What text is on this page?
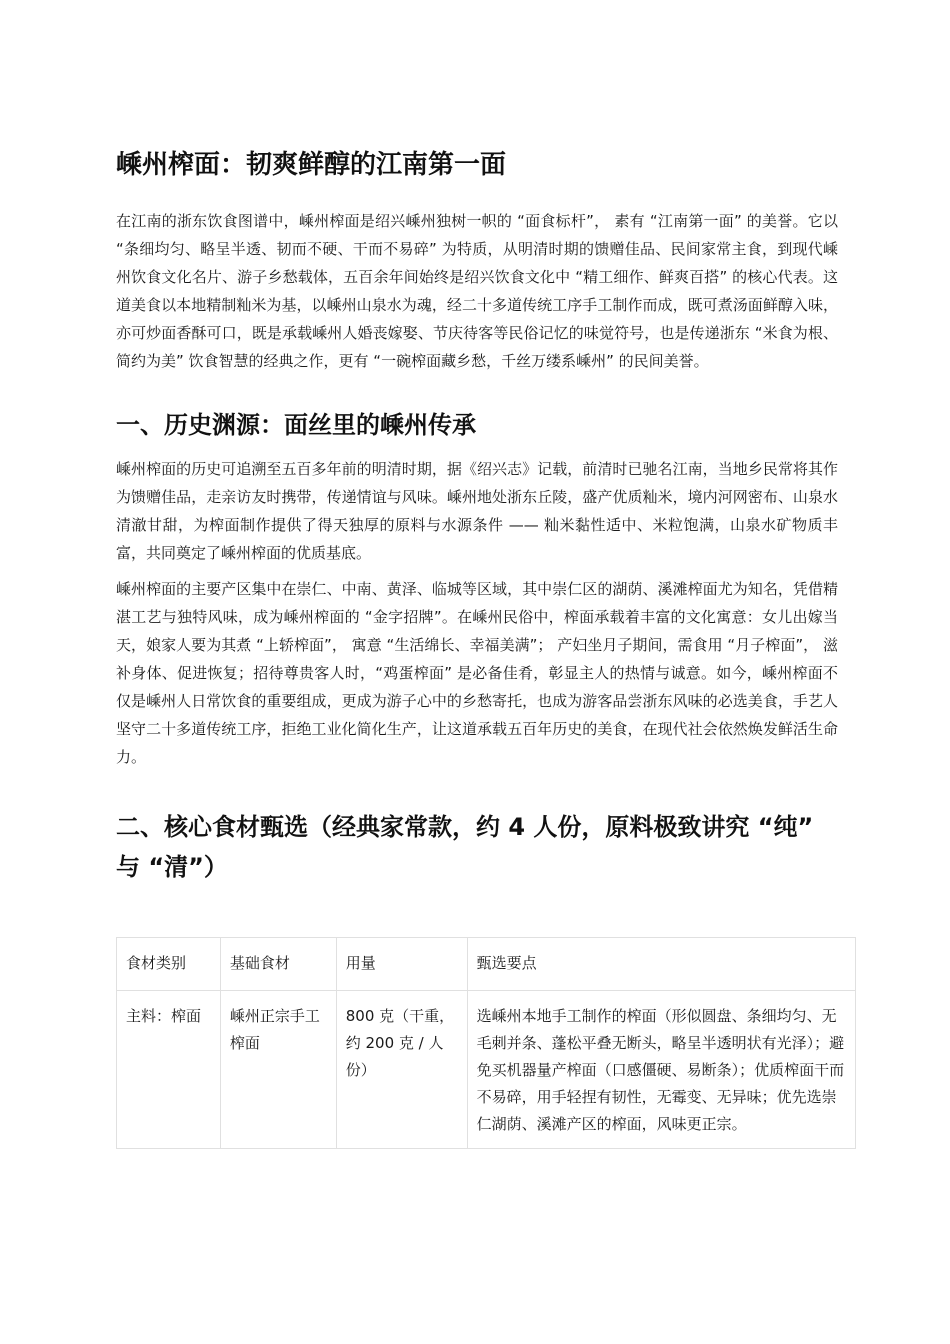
嵊州榨面：韧爽鲜醇的江南第一面

在江南的浙东饮食图谱中，嵊州榨面是绍兴嵊州独树一帜的 “面食标杆”， 素有 “江南第一面” 的美誉。它以 “条细均匀、略呈半透、韧而不硬、干而不易碎” 为特质，从明清时期的馈赠佳品、民间家常主食，到现代嵊州饮食文化名片、游子乡愁载体，五百余年间始终是绍兴饮食文化中 “精工细作、鲜爽百搭” 的核心代表。这道美食以本地精制籼米为基，以嵊州山泉水为魂，经二十多道传统工序手工制作而成，既可煮汤面鲜醇入味，亦可炒面香酥可口，既是承载嵊州人婚丧嫁娶、节庆待客等民俗记忆的味觉符号，也是传递浙东 “米食为根、简约为美” 饮食智慧的经典之作，更有 “一碗榨面藏乡愁，千丝万缕系嵊州” 的民间美誉。

一、历史渊源：面丝里的嵊州传承

嵊州榨面的历史可追溯至五百多年前的明清时期，据《绍兴志》记载，前清时已驰名江南，当地乡民常将其作为馈赠佳品，走亲访友时携带，传递情谊与风味。嵊州地处浙东丘陵，盛产优质籼米，境内河网密布、山泉水清澈甘甜，为榨面制作提供了得天独厚的原料与水源条件 —— 籼米黏性适中、米粒饱满，山泉水矿物质丰富，共同奠定了嵊州榨面的优质基底。

嵊州榨面的主要产区集中在崇仁、中南、黄泽、临城等区域，其中崇仁区的湖荫、溪滩榨面尤为知名，凭借精湛工艺与独特风味，成为嵊州榨面的 “金字招牌”。在嵊州民俗中，榨面承载着丰富的文化寓意：女儿出嫁当天，娘家人要为其煮 “上轿榨面”， 寓意 “生活绵长、幸福美满”； 产妇坐月子期间，需食用 “月子榨面”， 滋补身体、促进恢复；招待尊贵客人时，“鸡蛋榨面” 是必备佳肴，彰显主人的热情与诚意。如今，嵊州榨面不仅是嵊州人日常饮食的重要组成，更成为游子心中的乡愁寄托，也成为游客品尝浙东风味的必选美食，手艺人坚守二十多道传统工序，拒绝工业化简化生产，让这道承载五百年历史的美食，在现代社会依然焕发鲜活生命力。

二、核心食材甄选（经典家常款，约 4 人份，原料极致讲究 “纯” 与 “清”）
食材类别	基础食材	用量	甄选要点
主料：榨面	嵊州正宗手工榨面	800 克（干重，约 200 克 / 人份）	选嵊州本地手工制作的榨面（形似圆盘、条细均匀、无毛刺并条、蓬松平叠无断头，略呈半透明状有光泽）；避免买机器量产榨面（口感僵硬、易断条）；优质榨面干而不易碎，用手轻捏有韧性，无霉变、无异味；优先选崇仁湖荫、溪滩产区的榨面，风味更正宗。
